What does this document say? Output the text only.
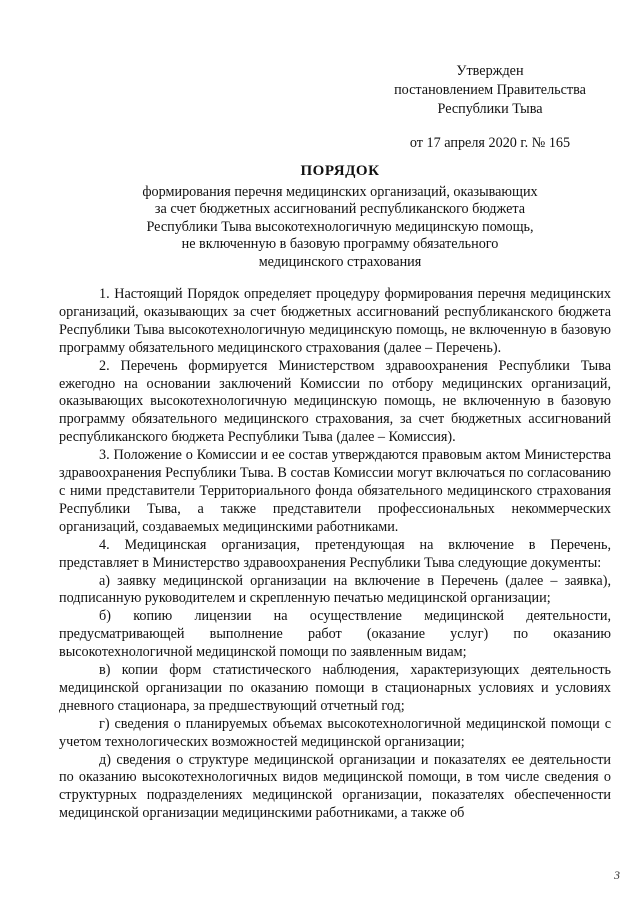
Утвержден
постановлением Правительства
Республики Тыва
от 17 апреля 2020 г. № 165
ПОРЯДОК
формирования перечня медицинских организаций, оказывающих
за счет бюджетных ассигнований республиканского бюджета
Республики Тыва высокотехнологичную медицинскую помощь,
не включенную в базовую программу обязательного
медицинского страхования

1. Настоящий Порядок определяет процедуру формирования перечня медицинских организаций, оказывающих за счет бюджетных ассигнований республиканского бюджета Республики Тыва высокотехнологичную медицинскую помощь, не включенную в базовую программу обязательного медицинского страхования (далее – Перечень).

2. Перечень формируется Министерством здравоохранения Республики Тыва ежегодно на основании заключений Комиссии по отбору медицинских организаций, оказывающих высокотехнологичную медицинскую помощь, не включенную в базовую программу обязательного медицинского страхования, за счет бюджетных ассигнований республиканского бюджета Республики Тыва (далее – Комиссия).

3. Положение о Комиссии и ее состав утверждаются правовым актом Министерства здравоохранения Республики Тыва. В состав Комиссии могут включаться по согласованию с ними представители Территориального фонда обязательного медицинского страхования Республики Тыва, а также представители профессиональных некоммерческих организаций, создаваемых медицинскими работниками.

4. Медицинская организация, претендующая на включение в Перечень, представляет в Министерство здравоохранения Республики Тыва следующие документы:

а) заявку медицинской организации на включение в Перечень (далее – заявка), подписанную руководителем и скрепленную печатью медицинской организации;

б) копию лицензии на осуществление медицинской деятельности, предусматривающей выполнение работ (оказание услуг) по оказанию высокотехнологичной медицинской помощи по заявленным видам;

в) копии форм статистического наблюдения, характеризующих деятельность медицинской организации по оказанию помощи в стационарных условиях и условиях дневного стационара, за предшествующий отчетный год;

г) сведения о планируемых объемах высокотехнологичной медицинской помощи с учетом технологических возможностей медицинской организации;

д) сведения о структуре медицинской организации и показателях ее деятельности по оказанию высокотехнологичных видов медицинской помощи, в том числе сведения о структурных подразделениях медицинской организации, показателях обеспеченности медицинской организации медицинскими работниками, а также об

3
